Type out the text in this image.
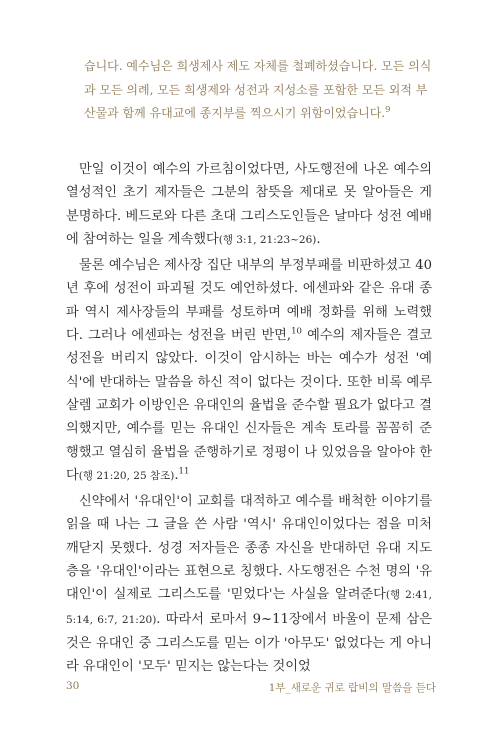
습니다. 예수님은 희생제사 제도 자체를 철폐하셨습니다. 모든 의식과 모든 의례, 모든 희생제와 성전과 지성소를 포함한 모든 외적 부산물과 함께 유대교에 종지부를 찍으시기 위함이었습니다.$^9$

만일 이것이 예수의 가르침이었다면, 사도행전에 나온 예수의 열성적인 초기 제자들은 그분의 참뜻을 제대로 못 알아들은 게 분명하다. 베드로와 다른 초대 그리스도인들은 날마다 성전 예배에 참여하는 일을 계속했다(행 3:1, 21:23~26).

물론 예수님은 제사장 집단 내부의 부정부패를 비판하셨고 40년 후에 성전이 파괴될 것도 예언하셨다. 에센파와 같은 유대 종파 역시 제사장들의 부패를 성토하며 예배 정화를 위해 노력했다. 그러나 에센파는 성전을 버린 반면,$^{10}$ 예수의 제자들은 결코 성전을 버리지 않았다. 이것이 암시하는 바는 예수가 성전 '예식'에 반대하는 말씀을 하신 적이 없다는 것이다. 또한 비록 예루살렘 교회가 이방인은 유대인의 율법을 준수할 필요가 없다고 결의했지만, 예수를 믿는 유대인 신자들은 계속 토라를 꼼꼼히 준행했고 열심히 율법을 준행하기로 정평이 나 있었음을 알아야 한다(행 21:20, 25 참조).$^{11}$

신약에서 '유대인'이 교회를 대적하고 예수를 배척한 이야기를 읽을 때 나는 그 글을 쓴 사람 '역시' 유대인이었다는 점을 미처 깨닫지 못했다. 성경 저자들은 종종 자신을 반대하던 유대 지도층을 '유대인'이라는 표현으로 칭했다. 사도행전은 수천 명의 '유대인'이 실제로 그리스도를 '믿었다'는 사실을 알려준다(행 2:41, 5:14, 6:7, 21:20). 따라서 로마서 9~11장에서 바울이 문제 삼은 것은 유대인 중 그리스도를 믿는 이가 '아무도' 없었다는 게 아니라 유대인이 '모두' 믿지는 않는다는 것이었

30	1부_새로운 귀로 랍비의 말씀을 듣다
